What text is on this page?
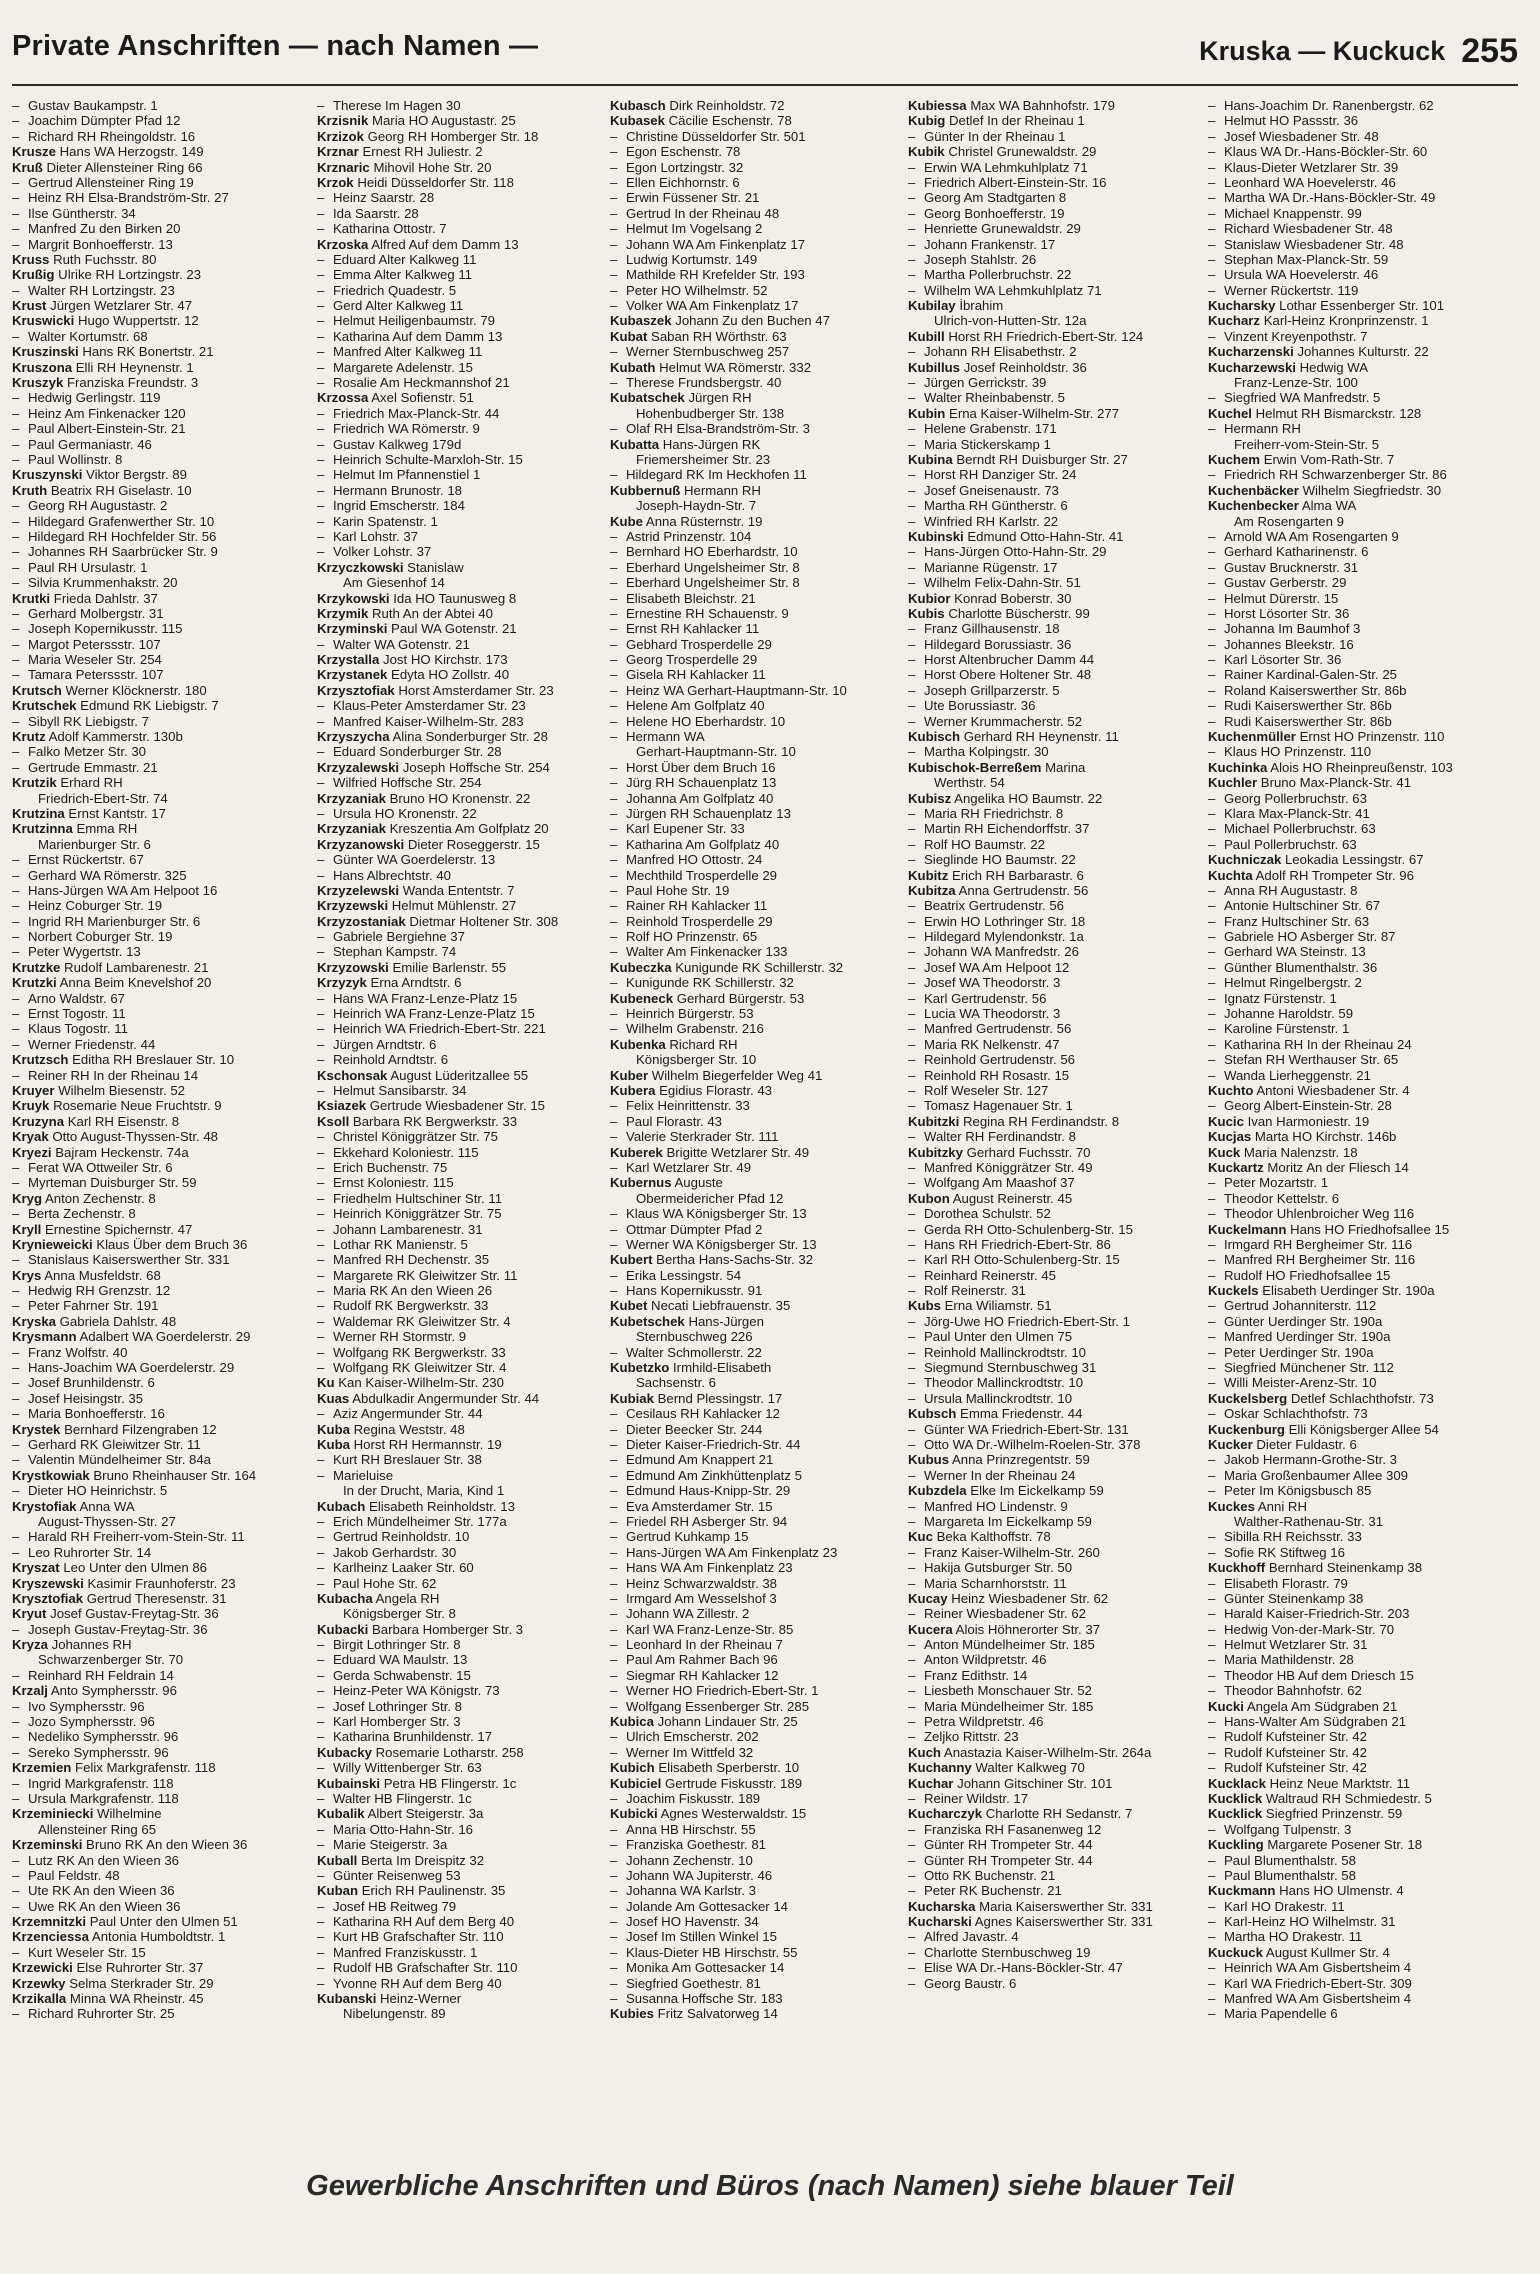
Private Anschriften — nach Namen —	Kruska — Kuckuck 255
– Gustav Baukampstr. 1
– Joachim Dümpter Pfad 12
– Richard RH Rheingoldstr. 16
Krusze Hans WA Herzogstr. 149
Kruß Dieter Allensteiner Ring 66
– Gertrud Allensteiner Ring 19
– Heinz RH Elsa-Brandström-Str. 27
– Ilse Güntherstr. 34
– Manfred Zu den Birken 20
– Margrit Bonhoefferstr. 13
Kruss Ruth Fuchsstr. 80
Krußig Ulrike RH Lortzingstr. 23
– Walter RH Lortzingstr. 23
Krust Jürgen Wetzlarer Str. 47
Kruswicki Hugo Wuppertstr. 12
– Walter Kortumstr. 68
Kruszinski Hans RK Bonertstr. 21
Kruszona Elli RH Heynenstr. 1
Kruszyk Franziska Freundstr. 3
– Hedwig Gerlingstr. 119
– Heinz Am Finkenacker 120
– Paul Albert-Einstein-Str. 21
– Paul Germaniastr. 46
– Paul Wollinstr. 8
Kruszynski Viktor Bergstr. 89
Kruth Beatrix RH Giselastr. 10
– Georg RH Augustastr. 2
– Hildegard Grafenwerther Str. 10
– Hildegard RH Hochfelder Str. 56
– Johannes RH Saarbrücker Str. 9
– Paul RH Ursulastr. 1
– Silvia Krummenhakstr. 20
Krutki Frieda Dahlstr. 37
– Gerhard Molbergstr. 31
– Joseph Kopernikusstr. 115
– Margot Peterssstr. 107
– Maria Weseler Str. 254
– Tamara Peterssstr. 107
Krutsch Werner Klöcknerstr. 180
Krutschek Edmund RK Liebigstr. 7
– Sibyll RK Liebigstr. 7
Krutz Adolf Kammerstr. 130b
– Falko Metzer Str. 30
– Gertrude Emmastr. 21
Krutzik Erhard RH
Friedrich-Ebert-Str. 74
Krutzina Ernst Kantstr. 17
Krutzinna Emma RH
Marienburger Str. 6
– Ernst Rückertstr. 67
– Gerhard WA Römerstr. 325
– Hans-Jürgen WA Am Helpoot 16
– Heinz Coburger Str. 19
– Ingrid RH Marienburger Str. 6
– Norbert Coburger Str. 19
– Peter Wygertstr. 13
Krutzke Rudolf Lambarenestr. 21
Krutzki Anna Beim Knevelshof 20
– Arno Waldstr. 67
– Ernst Togostr. 11
– Klaus Togostr. 11
– Werner Friedenstr. 44
Krutzsch Editha RH Breslauer Str. 10
– Reiner RH In der Rheinau 14
Kruyer Wilhelm Biesenstr. 52
Kruyk Rosemarie Neue Fruchtstr. 9
Kruzyna Karl RH Eisenstr. 8
Kryak Otto August-Thyssen-Str. 48
Kryezi Bajram Heckenstr. 74a
– Ferat WA Ottweiler Str. 6
– Myrteman Duisburger Str. 59
Kryg Anton Zechenstr. 8
– Berta Zechenstr. 8
Kryll Ernestine Spichernstr. 47
Krynieweicki Klaus Über dem Bruch 36
– Stanislaus Kaiserswerther Str. 331
Krys Anna Musfeldstr. 68
– Hedwig RH Grenzstr. 12
– Peter Fahrner Str. 191
Kryska Gabriela Dahlstr. 48
Krysmann Adalbert WA Goerdelerstr. 29
– Franz Wolfstr. 40
– Hans-Joachim WA Goerdelerstr. 29
– Josef Brunhildenstr. 6
– Josef Heisingstr. 35
– Maria Bonhoefferstr. 16
Krystek Bernhard Filzengraben 12
– Gerhard RK Gleiwitzer Str. 11
– Valentin Mündelheimer Str. 84a
Krystkowiak Bruno Rheinhauser Str. 164
– Dieter HO Heinrichstr. 5
Krystofiak Anna WA
August-Thyssen-Str. 27
– Harald RH Freiherr-vom-Stein-Str. 11
– Leo Ruhrorter Str. 14
Kryszat Leo Unter den Ulmen 86
Kryszewski Kasimir Fraunhoferstr. 23
Krysztofiak Gertrud Theresenstr. 31
Kryut Josef Gustav-Freytag-Str. 36
– Joseph Gustav-Freytag-Str. 36
Kryza Johannes RH
Schwarzenberger Str. 70
– Reinhard RH Feldrain 14
Krzalj Anto Symphersstr. 96
– Ivo Symphersstr. 96
– Jozo Symphersstr. 96
– Nedeliko Symphersstr. 96
– Sereko Symphersstr. 96
Krzemien Felix Markgrafenstr. 118
– Ingrid Markgrafenstr. 118
– Ursula Markgrafenstr. 118
Krzeminiecki Wilhelmine
Allensteiner Ring 65
Krzeminski Bruno RK An den Wieen 36
– Lutz RK An den Wieen 36
– Paul Feldstr. 48
– Ute RK An den Wieen 36
– Uwe RK An den Wieen 36
Krzemnitzki Paul Unter den Ulmen 51
Krzenciessa Antonia Humboldtstr. 1
– Kurt Weseler Str. 15
Krzewicki Else Ruhrorter Str. 37
Krzewky Selma Sterkrader Str. 29
Krzikalla Minna WA Rheinstr. 45
– Richard Ruhrorter Str. 25
– Therese Im Hagen 30
Krzisnik Maria HO Augustastr. 25
Krzizok Georg RH Homberger Str. 18
Krznar Ernest RH Juliestr. 2
Krznaric Mihovil Hohe Str. 20
Krzok Heidi Düsseldorfer Str. 118
– Heinz Saarstr. 28
– Ida Saarstr. 28
– Katharina Ottostr. 7
Krzoska Alfred Auf dem Damm 13
– Eduard Alter Kalkweg 11
– Emma Alter Kalkweg 11
– Friedrich Quadestr. 5
– Gerd Alter Kalkweg 11
– Helmut Heiligenbaumstr. 79
– Katharina Auf dem Damm 13
– Manfred Alter Kalkweg 11
– Margarete Adelenstr. 15
– Rosalie Am Heckmannshof 21
Krzossa Axel Sofienstr. 51
– Friedrich Max-Planck-Str. 44
– Friedrich WA Römerstr. 9
– Gustav Kalkweg 179d
– Heinrich Schulte-Marxloh-Str. 15
– Helmut Im Pfannenstiel 1
– Hermann Brunostr. 18
– Ingrid Emscherstr. 184
– Karin Spatenstr. 1
– Karl Lohstr. 37
– Volker Lohstr. 37
Krzyczkowski Stanislaw
Am Giesenhof 14
Krzykowski Ida HO Taunusweg 8
Krzymik Ruth An der Abtei 40
Krzyminski Paul WA Gotenstr. 21
– Walter WA Gotenstr. 21
Krzystalla Jost HO Kirchstr. 173
Krzystanek Edyta HO Zollstr. 40
Krzysztofiak Horst Amsterdamer Str. 23
– Klaus-Peter Amsterdamer Str. 23
– Manfred Kaiser-Wilhelm-Str. 283
Krzyszycha Alina Sonderburger Str. 28
– Eduard Sonderburger Str. 28
Krzyzalewski Joseph Hoffsche Str. 254
– Wilfried Hoffsche Str. 254
Krzyzaniak Bruno HO Kronenstr. 22
– Ursula HO Kronenstr. 22
Krzyzaniak Kreszentia Am Golfplatz 20
Krzyzanowski Dieter Roseggerstr. 15
– Günter WA Goerdelerstr. 13
– Hans Albrechtstr. 40
Krzyzelewski Wanda Ententstr. 7
Krzyzewski Helmut Mühlenstr. 27
Krzyzostaniak Dietmar Holtener Str. 308
– Gabriele Bergiehne 37
– Stephan Kampstr. 74
Krzyzowski Emilie Barlenstr. 55
Krzyzyk Erna Arndtstr. 6
– Hans WA Franz-Lenze-Platz 15
– Heinrich WA Franz-Lenze-Platz 15
– Heinrich WA Friedrich-Ebert-Str. 221
– Jürgen Arndtstr. 6
– Reinhold Arndtstr. 6
Kschonsak August Lüderitzallee 55
– Helmut Sansibarstr. 34
Ksiazek Gertrude Wiesbadener Str. 15
Ksoll Barbara RK Bergwerkstr. 33
– Christel Königgrätzer Str. 75
– Ekkehard Koloniestr. 115
– Erich Buchenstr. 75
– Ernst Koloniestr. 115
– Friedhelm Hultschiner Str. 11
– Heinrich Königgrätzer Str. 75
– Johann Lambarenestr. 31
– Lothar RK Manienstr. 5
– Manfred RH Dechenstr. 35
– Margarete RK Gleiwitzer Str. 11
– Maria RK An den Wieen 26
– Rudolf RK Bergwerkstr. 33
– Waldemar RK Gleiwitzer Str. 4
– Werner RH Stormstr. 9
– Wolfgang RK Bergwerkstr. 33
– Wolfgang RK Gleiwitzer Str. 4
Ku Kan Kaiser-Wilhelm-Str. 230
Kuas Abdulkadir Angermunder Str. 44
– Aziz Angermunder Str. 44
Kuba Regina Weststr. 48
Kuba Horst RH Hermannstr. 19
– Kurt RH Breslauer Str. 38
– Marieluise
In der Drucht, Maria, Kind 1
Kubach Elisabeth Reinholdstr. 13
– Erich Mündelheimer Str. 177a
– Gertrud Reinholdstr. 10
– Jakob Gerhardstr. 30
– Karlheinz Laaker Str. 60
– Paul Hohe Str. 62
Kubacha Angela RH
Königsberger Str. 8
Kubacki Barbara Homberger Str. 3
– Birgit Lothringer Str. 8
– Eduard WA Maulstr. 13
– Gerda Schwabenstr. 15
– Heinz-Peter WA Königstr. 73
– Josef Lothringer Str. 8
– Karl Homberger Str. 3
– Katharina Brunhildenstr. 17
Kubacky Rosemarie Lotharstr. 258
– Willy Wittenberger Str. 63
Kubainski Petra HB Flingerstr. 1c
– Walter HB Flingerstr. 1c
Kubalik Albert Steigerstr. 3a
– Maria Otto-Hahn-Str. 16
– Marie Steigerstr. 3a
Kuball Berta Im Dreispitz 32
– Günter Reisenweg 53
Kuban Erich RH Paulinenstr. 35
– Josef HB Reitweg 79
– Katharina RH Auf dem Berg 40
– Kurt HB Grafschafter Str. 110
– Manfred Franziskusstr. 1
– Rudolf HB Grafschafter Str. 110
– Yvonne RH Auf dem Berg 40
Kubanski Heinz-Werner
Nibelungenstr. 89
Kubasch Dirk Reinholdstr. 72
Kubasek Cäcilie Eschenstr. 78
– Christine Düsseldorfer Str. 501
– Egon Eschenstr. 78
– Egon Lortzingstr. 32
– Ellen Eichhornstr. 6
– Erwin Füssener Str. 21
– Gertrud In der Rheinau 48
– Helmut Im Vogelsang 2
– Johann WA Am Finkenplatz 17
– Ludwig Kortumstr. 149
– Mathilde RH Krefelder Str. 193
– Peter HO Wilhelmstr. 52
– Volker WA Am Finkenplatz 17
Kubaszek Johann Zu den Buchen 47
Kubat Saban RH Wörthstr. 63
– Werner Sternbuschweg 257
Kubath Helmut WA Römerstr. 332
– Therese Frundsbergstr. 40
Kubatschek Jürgen RH
Hohenbudberger Str. 138
– Olaf RH Elsa-Brandström-Str. 3
Kubatta Hans-Jürgen RK
Friemersheimer Str. 23
– Hildegard RK Im Heckhofen 11
Kubbernuß Hermann RH
Joseph-Haydn-Str. 7
Kube Anna Rüsternstr. 19
– Astrid Prinzenstr. 104
– Bernhard HO Eberhardstr. 10
– Eberhard Ungelsheimer Str. 8
– Eberhard Ungelsheimer Str. 8
– Elisabeth Bleichstr. 21
– Ernestine RH Schauenstr. 9
– Ernst RH Kahlacker 11
– Gebhard Trosperdelle 29
– Georg Trosperdelle 29
– Gisela RH Kahlacker 11
– Heinz WA Gerhart-Hauptmann-Str. 10
– Helene Am Golfplatz 40
– Helene HO Eberhardstr. 10
– Hermann WA
Gerhart-Hauptmann-Str. 10
– Horst Über dem Bruch 16
– Jürg RH Schauenplatz 13
– Johanna Am Golfplatz 40
– Jürgen RH Schauenplatz 13
– Karl Eupener Str. 33
– Katharina Am Golfplatz 40
– Manfred HO Ottostr. 24
– Mechthild Trosperdelle 29
– Paul Hohe Str. 19
– Rainer RH Kahlacker 11
– Reinhold Trosperdelle 29
– Rolf HO Prinzenstr. 65
– Walter Am Finkenacker 133
Kubeczka Kunigunde RK Schillerstr. 32
– Kunigunde RK Schillerstr. 32
Kubeneck Gerhard Bürgerstr. 53
– Heinrich Bürgerstr. 53
– Wilhelm Grabenstr. 216
Kubenka Richard RH
Königsberger Str. 10
Kuber Wilhelm Biegerfelder Weg 41
Kubera Egidius Florastr. 43
– Felix Heinrittenstr. 33
– Paul Florastr. 43
– Valerie Sterkrader Str. 111
Kuberek Brigitte Wetzlarer Str. 49
– Karl Wetzlarer Str. 49
Kubernus Auguste
Obermeidericher Pfad 12
– Klaus WA Königsberger Str. 13
– Ottmar Dümpter Pfad 2
– Werner WA Königsberger Str. 13
Kubert Bertha Hans-Sachs-Str. 32
– Erika Lessingstr. 54
– Hans Kopernikusstr. 91
Kubet Necati Liebfrauenstr. 35
Kubetschek Hans-Jürgen
Sternbuschweg 226
– Walter Schmollerstr. 22
Kubetzko Irmhild-Elisabeth
Sachsenstr. 6
Kubiak Bernd Plessingstr. 17
– Cesilaus RH Kahlacker 12
– Dieter Beecker Str. 244
– Dieter Kaiser-Friedrich-Str. 44
– Edmund Am Knappert 21
– Edmund Am Zinkhüttenplatz 5
– Edmund Haus-Knipp-Str. 29
– Eva Amsterdamer Str. 15
– Friedel RH Asberger Str. 94
– Gertrud Kuhkamp 15
– Hans-Jürgen WA Am Finkenplatz 23
– Hans WA Am Finkenplatz 23
– Heinz Schwarzwaldstr. 38
– Irmgard Am Wesselshof 3
– Johann WA Zillestr. 2
– Karl WA Franz-Lenze-Str. 85
– Leonhard In der Rheinau 7
– Paul Am Rahmer Bach 96
– Siegmar RH Kahlacker 12
– Werner HO Friedrich-Ebert-Str. 1
– Wolfgang Essenberger Str. 285
Kubica Johann Lindauer Str. 25
– Ulrich Emscherstr. 202
– Werner Im Wittfeld 32
Kubich Elisabeth Sperberstr. 10
Kubiciel Gertrude Fiskusstr. 189
– Joachim Fiskusstr. 189
Kubicki Agnes Westerwaldstr. 15
– Anna HB Hirschstr. 55
– Franziska Goethestr. 81
– Johann Zechenstr. 10
– Johann WA Jupiterstr. 46
– Johanna WA Karlstr. 3
– Jolande Am Gottesacker 14
– Josef HO Havenstr. 34
– Josef Im Stillen Winkel 15
– Klaus-Dieter HB Hirschstr. 55
– Monika Am Gottesacker 14
– Siegfried Goethestr. 81
– Susanna Hoffsche Str. 183
Kubies Fritz Salvatorweg 14
Kubiessa Max WA Bahnhofstr. 179
Kubig Detlef In der Rheinau 1
– Günter In der Rheinau 1
Kubik Christel Grunewaldstr. 29
– Erwin WA Lehmkuhlplatz 71
– Friedrich Albert-Einstein-Str. 16
– Georg Am Stadtgarten 8
– Georg Bonhoefferstr. 19
– Henriette Grunewaldstr. 29
– Johann Frankenstr. 17
– Joseph Stahlstr. 26
– Martha Pollerbruchstr. 22
– Wilhelm WA Lehmkuhlplatz 71
Kubilay İbrahim
Ulrich-von-Hutten-Str. 12a
Kubill Horst RH Friedrich-Ebert-Str. 124
– Johann RH Elisabethstr. 2
Kubillus Josef Reinholdstr. 36
– Jürgen Gerrickstr. 39
– Walter Rheinbabenstr. 5
Kubin Erna Kaiser-Wilhelm-Str. 277
– Helene Grabenstr. 171
– Maria Stickerskamp 1
Kubina Berndt RH Duisburger Str. 27
– Horst RH Danziger Str. 24
– Josef Gneisenaustr. 73
– Martha RH Güntherstr. 6
– Winfried RH Karlstr. 22
Kubinski Edmund Otto-Hahn-Str. 41
– Hans-Jürgen Otto-Hahn-Str. 29
– Marianne Rügenstr. 17
– Wilhelm Felix-Dahn-Str. 51
Kubior Konrad Boberstr. 30
Kubis Charlotte Büscherstr. 99
– Franz Gillhausenstr. 18
– Hildegard Borussiastr. 36
– Horst Altenbrucher Damm 44
– Horst Obere Holtener Str. 48
– Joseph Grillparzerstr. 5
– Ute Borussiastr. 36
– Werner Krummacherstr. 52
Kubisch Gerhard RH Heynenstr. 11
– Martha Kolpingstr. 30
Kubischok-Berreßem Marina
Werthstr. 54
Kubisz Angelika HO Baumstr. 22
– Maria RH Friedrichstr. 8
– Martin RH Eichendorffstr. 37
– Rolf HO Baumstr. 22
– Sieglinde HO Baumstr. 22
Kubitz Erich RH Barbarastr. 6
Kubitza Anna Gertrudenstr. 56
– Beatrix Gertrudenstr. 56
– Erwin HO Lothringer Str. 18
– Hildegard Mylendonkstr. 1a
– Johann WA Manfredstr. 26
– Josef WA Am Helpoot 12
– Josef WA Theodorstr. 3
– Karl Gertrudenstr. 56
– Lucia WA Theodorstr. 3
– Manfred Gertrudenstr. 56
– Maria RK Nelkenstr. 47
– Reinhold Gertrudenstr. 56
– Reinhold RH Rosastr. 15
– Rolf Weseler Str. 127
– Tomasz Hagenauer Str. 1
Kubitzki Regina RH Ferdinandstr. 8
– Walter RH Ferdinandstr. 8
Kubitzky Gerhard Fuchsstr. 70
– Manfred Königgrätzer Str. 49
– Wolfgang Am Maashof 37
Kubon August Reinerstr. 45
– Dorothea Schulstr. 52
– Gerda RH Otto-Schulenberg-Str. 15
– Hans RH Friedrich-Ebert-Str. 86
– Karl RH Otto-Schulenberg-Str. 15
– Reinhard Reinerstr. 45
– Rolf Reinerstr. 31
Kubs Erna Wiliamstr. 51
– Jörg-Uwe HO Friedrich-Ebert-Str. 1
– Paul Unter den Ulmen 75
– Reinhold Mallinckrodtstr. 10
– Siegmund Sternbuschweg 31
– Theodor Mallinckrodtstr. 10
– Ursula Mallinckrodtstr. 10
Kubsch Emma Friedenstr. 44
– Günter WA Friedrich-Ebert-Str. 131
– Otto WA Dr.-Wilhelm-Roelen-Str. 378
Kubus Anna Prinzregentstr. 59
– Werner In der Rheinau 24
Kubzdela Elke Im Eickelkamp 59
– Manfred HO Lindenstr. 9
– Margareta Im Eickelkamp 59
Kuc Beka Kalthoffstr. 78
– Franz Kaiser-Wilhelm-Str. 260
– Hakija Gutsburger Str. 50
– Maria Scharnhorststr. 11
Kucay Heinz Wiesbadener Str. 62
– Reiner Wiesbadener Str. 62
Kucera Alois Höhnerorter Str. 37
– Anton Mündelheimer Str. 185
– Anton Wildpretstr. 46
– Franz Edithstr. 14
– Liesbeth Monschauer Str. 52
– Maria Mündelheimer Str. 185
– Petra Wildpretstr. 46
– Zeljko Rittstr. 23
Kuch Anastazia Kaiser-Wilhelm-Str. 264a
Kuchanny Walter Kalkweg 70
Kuchar Johann Gitschiner Str. 101
– Reiner Wildstr. 17
Kucharczyk Charlotte RH Sedanstr. 7
– Franziska RH Fasanenweg 12
– Günter RH Trompeter Str. 44
– Günter RH Trompeter Str. 44
– Otto RK Buchenstr. 21
– Peter RK Buchenstr. 21
Kucharska Maria Kaiserswerther Str. 331
Kucharski Agnes Kaiserswerther Str. 331
– Alfred Javastr. 4
– Charlotte Sternbuschweg 19
– Elise WA Dr.-Hans-Böckler-Str. 47
– Georg Baustr. 6
– Hans-Joachim Dr. Ranenbergstr. 62
– Helmut HO Passstr. 36
– Josef Wiesbadener Str. 48
– Klaus WA Dr.-Hans-Böckler-Str. 60
– Klaus-Dieter Wetzlarer Str. 39
– Leonhard WA Hoevelerstr. 46
– Martha WA Dr.-Hans-Böckler-Str. 49
– Michael Knappenstr. 99
– Richard Wiesbadener Str. 48
– Stanislaw Wiesbadener Str. 48
– Stephan Max-Planck-Str. 59
– Ursula WA Hoevelerstr. 46
– Werner Rückertstr. 119
Kucharsky Lothar Essenberger Str. 101
Kucharz Karl-Heinz Kronprinzenstr. 1
– Vinzent Kreyenpothstr. 7
Kucharzenski Johannes Kulturstr. 22
Kucharzewski Hedwig WA
Franz-Lenze-Str. 100
– Siegfried WA Manfredstr. 5
Kuchel Helmut RH Bismarckstr. 128
– Hermann RH
Freiherr-vom-Stein-Str. 5
Kuchem Erwin Vom-Rath-Str. 7
– Friedrich RH Schwarzenberger Str. 86
Kuchenbäcker Wilhelm Siegfriedstr. 30
Kuchenbecker Alma WA
Am Rosengarten 9
– Arnold WA Am Rosengarten 9
– Gerhard Katharinenstr. 6
– Gustav Brucknerstr. 31
– Gustav Gerberstr. 29
– Helmut Dürerstr. 15
– Horst Lösorter Str. 36
– Johanna Im Baumhof 3
– Johannes Bleekstr. 16
– Karl Lösorter Str. 36
– Rainer Kardinal-Galen-Str. 25
– Roland Kaiserswerther Str. 86b
– Rudi Kaiserswerther Str. 86b
– Rudi Kaiserswerther Str. 86b
Kuchenmüller Ernst HO Prinzenstr. 110
– Klaus HO Prinzenstr. 110
Kuchinka Alois HO Rheinpreußenstr. 103
Kuchler Bruno Max-Planck-Str. 41
– Georg Pollerbruchstr. 63
– Klara Max-Planck-Str. 41
– Michael Pollerbruchstr. 63
– Paul Pollerbruchstr. 63
Kuchniczak Leokadia Lessingstr. 67
Kuchta Adolf RH Trompeter Str. 96
– Anna RH Augustastr. 8
– Antonie Hultschiner Str. 67
– Franz Hultschiner Str. 63
– Gabriele HO Asberger Str. 87
– Gerhard WA Steinstr. 13
– Günther Blumenthalstr. 36
– Helmut Ringelbergstr. 2
– Ignatz Fürstenstr. 1
– Johanne Haroldstr. 59
– Karoline Fürstenstr. 1
– Katharina RH In der Rheinau 24
– Stefan RH Werthauser Str. 65
– Wanda Lierheggenstr. 21
Kuchto Antoni Wiesbadener Str. 4
– Georg Albert-Einstein-Str. 28
Kucic Ivan Harmoniestr. 19
Kucjas Marta HO Kirchstr. 146b
Kuck Maria Nalenzstr. 18
Kuckartz Moritz An der Fliesch 14
– Peter Mozartstr. 1
– Theodor Kettelstr. 6
– Theodor Uhlenbroicher Weg 116
Kuckelmann Hans HO Friedhofsallee 15
– Irmgard RH Bergheimer Str. 116
– Manfred RH Bergheimer Str. 116
– Rudolf HO Friedhofsallee 15
Kuckels Elisabeth Uerdinger Str. 190a
– Gertrud Johanniterstr. 112
– Günter Uerdinger Str. 190a
– Manfred Uerdinger Str. 190a
– Peter Uerdinger Str. 190a
– Siegfried Münchener Str. 112
– Willi Meister-Arenz-Str. 10
Kuckelsberg Detlef Schlachthofstr. 73
– Oskar Schlachthofstr. 73
Kuckenburg Elli Königsberger Allee 54
Kucker Dieter Fuldastr. 6
– Jakob Hermann-Grothe-Str. 3
– Maria Großenbaumer Allee 309
– Peter Im Königsbusch 85
Kuckes Anni RH
Walther-Rathenau-Str. 31
– Sibilla RH Reichsstr. 33
– Sofie RK Stiftweg 16
Kuckhoff Bernhard Steinenkamp 38
– Elisabeth Florastr. 79
– Günter Steinenkamp 38
– Harald Kaiser-Friedrich-Str. 203
– Hedwig Von-der-Mark-Str. 70
– Helmut Wetzlarer Str. 31
– Maria Mathildenstr. 28
– Theodor HB Auf dem Driesch 15
– Theodor Bahnhofstr. 62
Kucki Angela Am Südgraben 21
– Hans-Walter Am Südgraben 21
– Rudolf Kufsteiner Str. 42
– Rudolf Kufsteiner Str. 42
– Rudolf Kufsteiner Str. 42
Kucklack Heinz Neue Marktstr. 11
Kucklick Waltraud RH Schmiedestr. 5
Kucklick Siegfried Prinzenstr. 59
– Wolfgang Tulpenstr. 3
Kuckling Margarete Posener Str. 18
– Paul Blumenthalstr. 58
– Paul Blumenthalstr. 58
Kuckmann Hans HO Ulmenstr. 4
– Karl HO Drakestr. 11
– Karl-Heinz HO Wilhelmstr. 31
– Martha HO Drakestr. 11
Kuckuck August Kullmer Str. 4
– Heinrich WA Am Gisbertsheim 4
– Karl WA Friedrich-Ebert-Str. 309
– Manfred WA Am Gisbertsheim 4
– Maria Papendelle 6
Gewerbliche Anschriften und Büros (nach Namen) siehe blauer Teil
